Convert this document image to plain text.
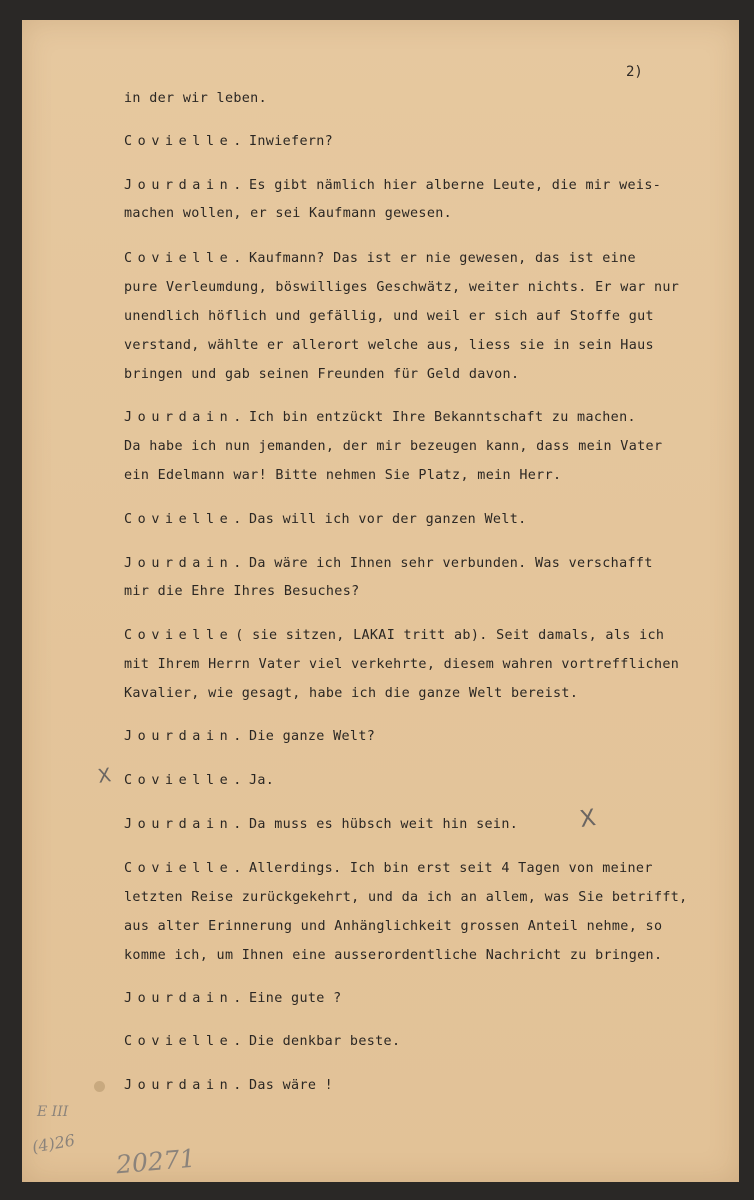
2)
in der wir leben.
Covielle. Inwiefern?
Jourdain. Es gibt nämlich hier alberne Leute, die mir weis-
machen wollen, er sei Kaufmann gewesen.
Covielle. Kaufmann? Das ist er nie gewesen, das ist eine
pure Verleumdung, böswilliges Geschwätz, weiter nichts. Er war nur
unendlich höflich und gefällig, und weil er sich auf Stoffe gut
verstand, wählte er allerort welche aus, liess sie in sein Haus
bringen und gab seinen Freunden für Geld davon.
Jourdain. Ich bin entzückt Ihre Bekanntschaft zu machen.
Da habe ich nun jemanden, der mir bezeugen kann, dass mein Vater
ein Edelmann war! Bitte nehmen Sie Platz, mein Herr.
Covielle. Das will ich vor der ganzen Welt.
Jourdain. Da wäre ich Ihnen sehr verbunden. Was verschafft
mir die Ehre Ihres Besuches?
Covielle ( sie sitzen, LAKAI tritt ab). Seit damals, als ich
mit Ihrem Herrn Vater viel verkehrte, diesem wahren vortrefflichen
Kavalier, wie gesagt, habe ich die ganze Welt bereist.
Jourdain. Die ganze Welt?
Covielle. Ja.
Jourdain. Da muss es hübsch weit hin sein.
Covielle. Allerdings. Ich bin erst seit 4 Tagen von meiner
letzten Reise zurückgekehrt, und da ich an allem, was Sie betrifft,
aus alter Erinnerung und Anhänglichkeit grossen Anteil nehme, so
komme ich, um Ihnen eine ausserordentliche Nachricht zu bringen.
Jourdain. Eine gute ?
Covielle. Die denkbar beste.
Jourdain. Das wäre !
X
X
E III
(4)26
20271
